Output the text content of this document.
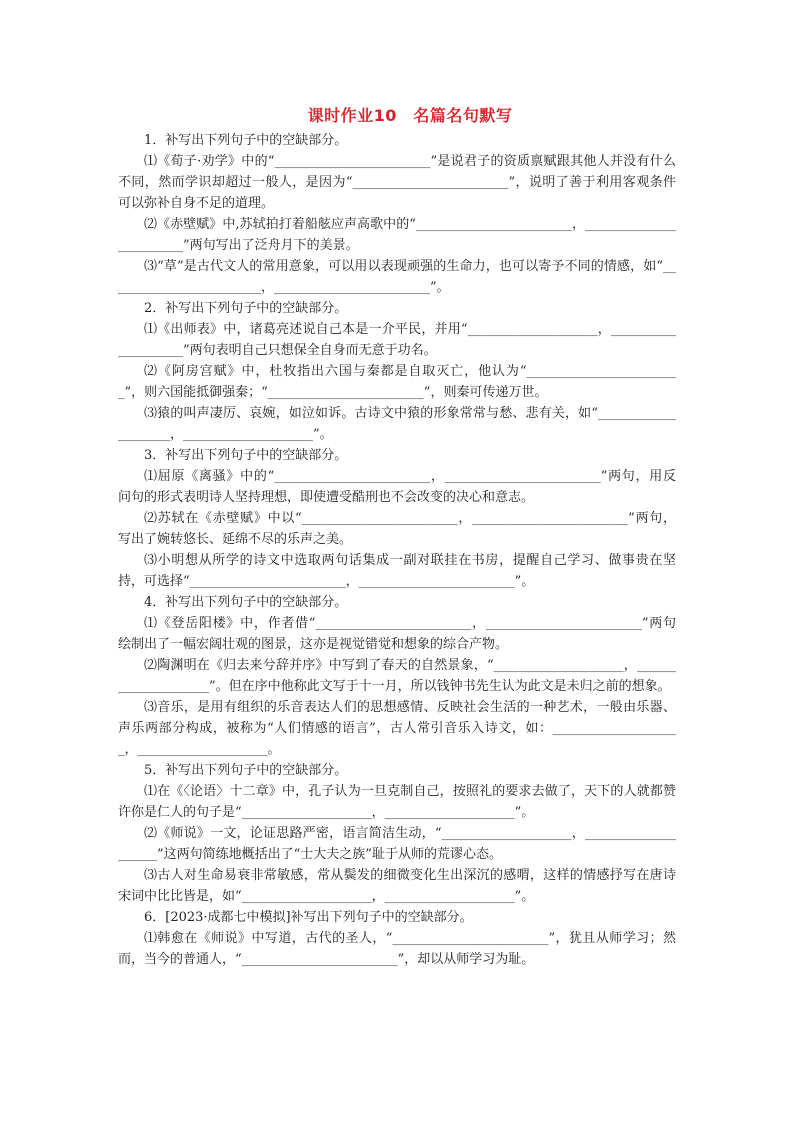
课时作业10　名篇名句默写

1．补写出下列句子中的空缺部分。

⑴《荀子·劝学》中的“________________________”是说君子的资质禀赋跟其他人并没有什么不同，然而学识却超过一般人，是因为“________________________”，说明了善于利用客观条件可以弥补自身不足的道理。

⑵《赤壁赋》中,苏轼拍打着船舷应声高歌中的“________________________，________________________”两句写出了泛舟月下的美景。

⑶“草”是古代文人的常用意象，可以用以表现顽强的生命力，也可以寄予不同的情感，如“________________________，________________________”。

2．补写出下列句子中的空缺部分。

⑴《出师表》中，诸葛亮述说自己本是一介平民，并用“____________________，____________________”两句表明自己只想保全自身而无意于功名。

⑵《阿房宫赋》中，杜牧指出六国与秦都是自取灭亡，他认为“________________________”，则六国能抵御强秦；“________________________”，则秦可传递万世。

⑶猿的叫声凄厉、哀婉，如泣如诉。古诗文中猿的形象常常与愁、悲有关，如“____________________，____________________”。

3．补写出下列句子中的空缺部分。

⑴屈原《离骚》中的“________________________，________________________”两句，用反问句的形式表明诗人坚持理想，即使遭受酷刑也不会改变的决心和意志。

⑵苏轼在《赤壁赋》中以“________________________，________________________”两句，写出了婉转悠长、延绵不尽的乐声之美。

⑶小明想从所学的诗文中选取两句话集成一副对联挂在书房，提醒自己学习、做事贵在坚持，可选择“________________________，________________________”。

4．补写出下列句子中的空缺部分。

⑴《登岳阳楼》中，作者借“________________________，________________________”两句绘制出了一幅宏阔壮观的图景，这亦是视觉错觉和想象的综合产物。

⑵陶渊明在《归去来兮辞并序》中写到了春天的自然景象，“____________________，____________________”。但在序中他称此文写于十一月，所以钱钟书先生认为此文是未归之前的想象。

⑶音乐，是用有组织的乐音表达人们的思想感情、反映社会生活的一种艺术，一般由乐器、声乐两部分构成，被称为“人们情感的语言”，古人常引音乐入诗文，如：____________________，____________________。

5．补写出下列句子中的空缺部分。

⑴在《〈论语〉十二章》中，孔子认为一旦克制自己，按照礼的要求去做了，天下的人就都赞许你是仁人的句子是“____________________，____________________”。

⑵《师说》一文，论证思路严密，语言简洁生动，“____________________，____________________”这两句简练地概括出了“士大夫之族”耻于从师的荒谬心态。

⑶古人对生命易衰非常敏感，常从鬓发的细微变化生出深沉的感喟，这样的情感抒写在唐诗宋词中比比皆是，如“____________________，____________________”。

6．[2023·成都七中模拟]补写出下列句子中的空缺部分。

⑴韩愈在《师说》中写道，古代的圣人，“________________________”，犹且从师学习；然而，当今的普通人，“________________________”，却以从师学习为耻。
